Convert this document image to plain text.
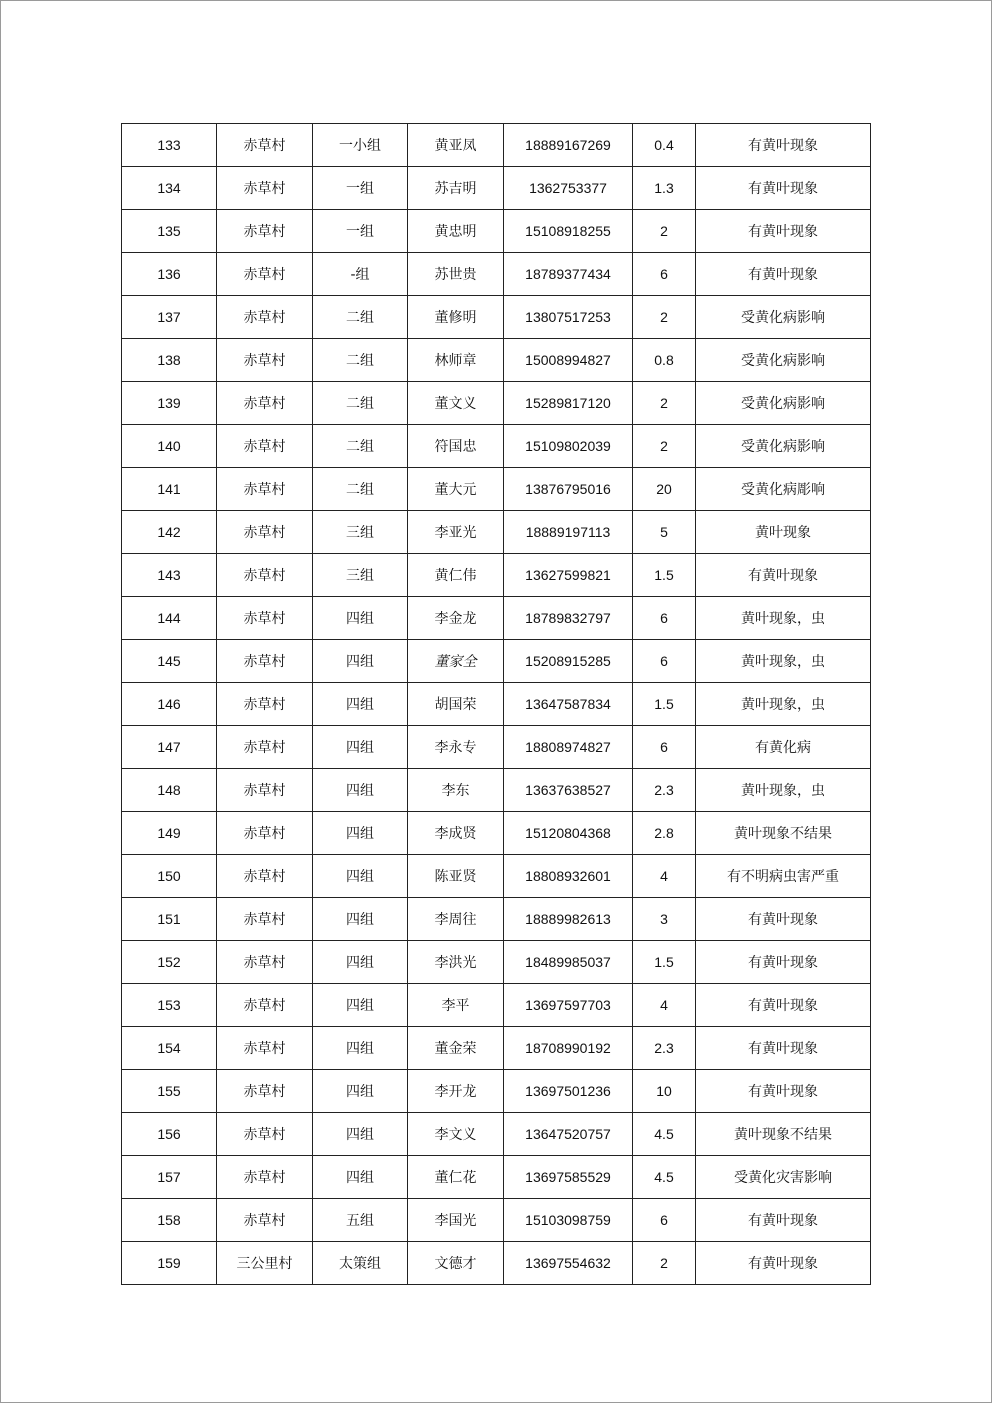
133	赤草村	一小组	黄亚凤	18889167269	0.4	有黄叶现象
134	赤草村	一组	苏吉明	1362753377	1.3	有黄叶现象
135	赤草村	一组	黄忠明	15108918255	2	有黄叶现象
136	赤草村	-组	苏世贵	18789377434	6	有黄叶现象
137	赤草村	二组	董修明	13807517253	2	受黄化病影响
138	赤草村	二组	林师章	15008994827	0.8	受黄化病影响
139	赤草村	二组	董文义	15289817120	2	受黄化病影响
140	赤草村	二组	符国忠	15109802039	2	受黄化病影响
141	赤草村	二组	董大元	13876795016	20	受黄化病彫响
142	赤草村	三组	李亚光	18889197113	5	黄叶现象
143	赤草村	三组	黄仁伟	13627599821	1.5	有黄叶现象
144	赤草村	四组	李金龙	18789832797	6	黄叶现象，虫
145	赤草村	四组	董家全	15208915285	6	黄叶现象，虫
146	赤草村	四组	胡国荣	13647587834	1.5	黄叶现象，虫
147	赤草村	四组	李永专	18808974827	6	有黄化病
148	赤草村	四组	李东	13637638527	2.3	黄叶现象，虫
149	赤草村	四组	李成贤	15120804368	2.8	黄叶现象不结果
150	赤草村	四组	陈亚贤	18808932601	4	有不明病虫害严重
151	赤草村	四组	李周往	18889982613	3	有黄叶现象
152	赤草村	四组	李洪光	18489985037	1.5	有黄叶现象
153	赤草村	四组	李平	13697597703	4	有黄叶现象
154	赤草村	四组	董金荣	18708990192	2.3	有黄叶现象
155	赤草村	四组	李开龙	13697501236	10	有黄叶现象
156	赤草村	四组	李文义	13647520757	4.5	黄叶现象不结果
157	赤草村	四组	董仁花	13697585529	4.5	受黄化灾害影响
158	赤草村	五组	李国光	15103098759	6	有黄叶现象
159	三公里村	太策组	文德才	13697554632	2	有黄叶现象
